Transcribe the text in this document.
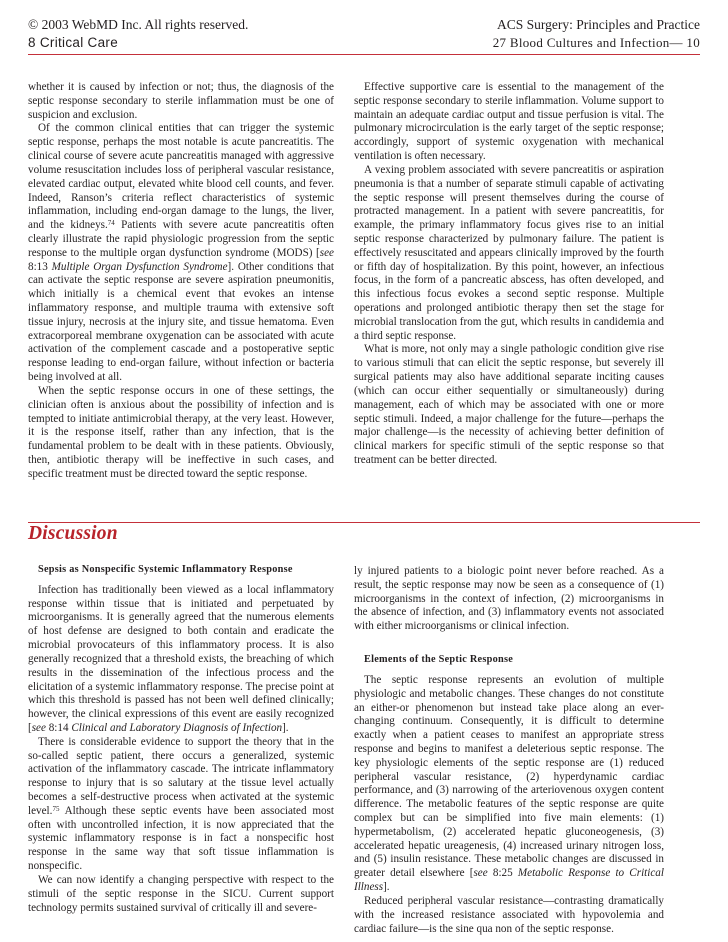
© 2003 WebMD Inc. All rights reserved.	ACS Surgery: Principles and Practice
8 Critical Care	27 Blood Cultures and Infection— 10

whether it is caused by infection or not; thus, the diagnosis of the septic response secondary to sterile inflammation must be one of suspicion and exclusion.

Of the common clinical entities that can trigger the systemic septic response, perhaps the most notable is acute pancreatitis. The clinical course of severe acute pancreatitis managed with aggressive volume resuscitation includes loss of peripheral vascular resistance, elevated cardiac output, elevated white blood cell counts, and fever. Indeed, Ranson’s criteria reflect characteristics of systemic inflammation, including end-organ damage to the lungs, the liver, and the kidneys.$^{74}$ Patients with severe acute pancreatitis often clearly illustrate the rapid physiologic progression from the septic response to the multiple organ dysfunction syndrome (MODS) [see 8:13 Multiple Organ Dysfunction Syndrome]. Other conditions that can activate the septic response are severe aspiration pneumonitis, which initially is a chemical event that evokes an intense inflammatory response, and multiple trauma with extensive soft tissue injury, necrosis at the injury site, and tissue hematoma. Even extracorporeal membrane oxygenation can be associated with acute activation of the complement cascade and a postoperative septic response leading to end-organ failure, without infection or bacteria being involved at all.

When the septic response occurs in one of these settings, the clinician often is anxious about the possibility of infection and is tempted to initiate antimicrobial therapy, at the very least. However, it is the response itself, rather than any infection, that is the fundamental problem to be dealt with in these patients. Obviously, then, antibiotic therapy will be ineffective in such cases, and specific treatment must be directed toward the septic response.

Effective supportive care is essential to the management of the septic response secondary to sterile inflammation. Volume support to maintain an adequate cardiac output and tissue perfusion is vital. The pulmonary microcirculation is the early target of the septic response; accordingly, support of systemic oxygenation with mechanical ventilation is often necessary.

A vexing problem associated with severe pancreatitis or aspiration pneumonia is that a number of separate stimuli capable of activating the septic response will present themselves during the course of protracted management. In a patient with severe pancreatitis, for example, the primary inflammatory focus gives rise to an initial septic response characterized by pulmonary failure. The patient is effectively resuscitated and appears clinically improved by the fourth or fifth day of hospitalization. By this point, however, an infectious focus, in the form of a pancreatic abscess, has often developed, and this infectious focus evokes a second septic response. Multiple operations and prolonged antibiotic therapy then set the stage for microbial translocation from the gut, which results in candidemia and a third septic response.

What is more, not only may a single pathologic condition give rise to various stimuli that can elicit the septic response, but severely ill surgical patients may also have additional separate inciting causes (which can occur either sequentially or simultaneously) during management, each of which may be associated with one or more septic stimuli. Indeed, a major challenge for the future—perhaps the major challenge—is the necessity of achieving better definition of clinical markers for specific stimuli of the septic response so that treatment can be better directed.

Discussion

Sepsis as Nonspecific Systemic Inflammatory Response

Infection has traditionally been viewed as a local inflammatory response within tissue that is initiated and perpetuated by microorganisms. It is generally agreed that the numerous elements of host defense are designed to both contain and eradicate the microbial provocateurs of this inflammatory process. It is also generally recognized that a threshold exists, the breaching of which results in the dissemination of the infectious process and the elicitation of a systemic inflammatory response. The precise point at which this threshold is passed has not been well defined clinically; however, the clinical expressions of this event are easily recognized [see 8:14 Clinical and Laboratory Diagnosis of Infection].

There is considerable evidence to support the theory that in the so-called septic patient, there occurs a generalized, systemic activation of the inflammatory cascade. The intricate inflammatory response to injury that is so salutary at the tissue level actually becomes a self-destructive process when activated at the systemic level.$^{75}$ Although these septic events have been associated most often with uncontrolled infection, it is now appreciated that the systemic inflammatory response is in fact a nonspecific host response in the same way that soft tissue inflammation is nonspecific.

We can now identify a changing perspective with respect to the stimuli of the septic response in the SICU. Current support technology permits sustained survival of critically ill and severe-

ly injured patients to a biologic point never before reached. As a result, the septic response may now be seen as a consequence of (1) microorganisms in the context of infection, (2) microorganisms in the absence of infection, and (3) inflammatory events not associated with either microorganisms or clinical infection.

Elements of the Septic Response

The septic response represents an evolution of multiple physiologic and metabolic changes. These changes do not constitute an either-or phenomenon but instead take place along an ever-changing continuum. Consequently, it is difficult to determine exactly when a patient ceases to manifest an appropriate stress response and begins to manifest a deleterious septic response. The key physiologic elements of the septic response are (1) reduced peripheral vascular resistance, (2) hyperdynamic cardiac performance, and (3) narrowing of the arteriovenous oxygen content difference. The metabolic features of the septic response are quite complex but can be simplified into five main elements: (1) hypermetabolism, (2) accelerated hepatic gluconeogenesis, (3) accelerated hepatic ureagenesis, (4) increased urinary nitrogen loss, and (5) insulin resistance. These metabolic changes are discussed in greater detail elsewhere [see 8:25 Metabolic Response to Critical Illness].

Reduced peripheral vascular resistance—contrasting dramatically with the increased resistance associated with hypovolemia and cardiac failure—is the sine qua non of the septic response.
